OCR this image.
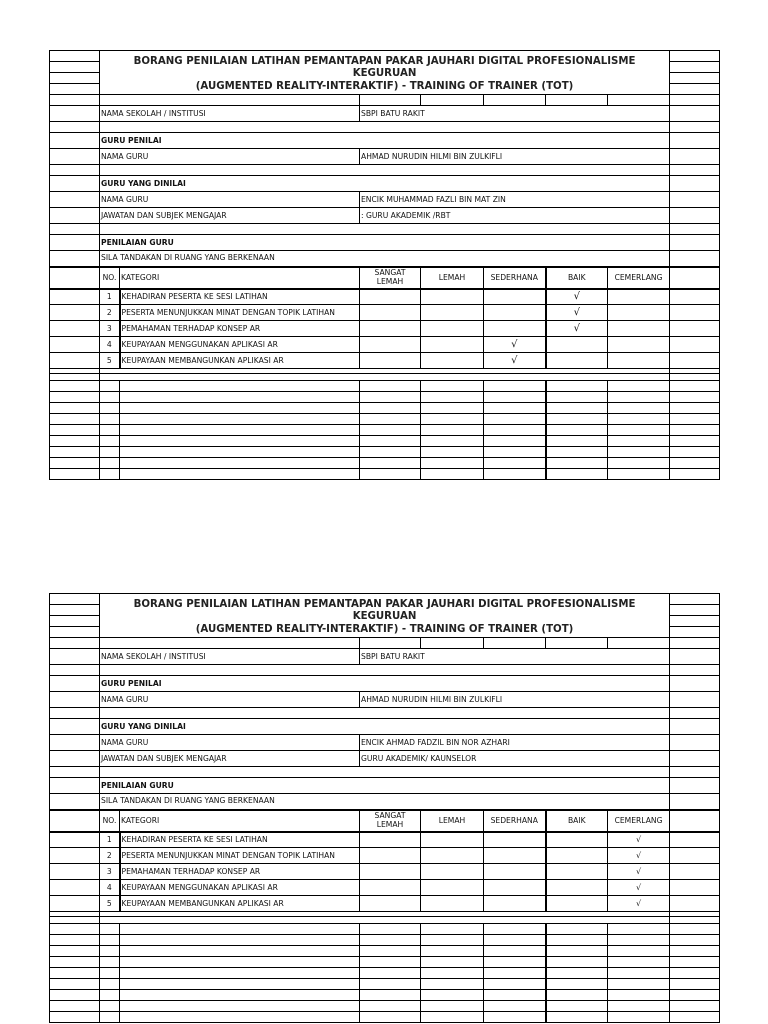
	BORANG PENILAIAN LATIHAN PEMANTAPAN PAKAR JAUHARI DIGITAL PROFESIONALISME KEGURUAN
(AUGMENTED REALITY-INTERAKTIF) - TRAINING OF TRAINER (TOT)							

	NAMA SEKOLAH / INSTITUSI		SBPI BATU RAKIT					

	GURU PENILAI							
	NAMA GURU		AHMAD NURUDIN HILMI BIN ZULKIFLI					

	GURU YANG DINILAI							
	NAMA GURU		ENCIK MUHAMMAD FAZLI BIN MAT ZIN					
	JAWATAN DAN SUBJEK MENGAJAR		: GURU AKADEMIK /RBT					

	PENILAIAN GURU							
	SILA TANDAKAN DI RUANG YANG BERKENAAN							
	NO.	KATEGORI	SANGAT
LEMAH	LEMAH	SEDERHANA	BAIK	CEMERLANG	
	1	KEHADIRAN PESERTA KE SESI LATIHAN				√		
	2	PESERTA MENUNJUKKAN MINAT DENGAN TOPIK LATIHAN				√		
	3	PEMAHAMAN TERHADAP KONSEP AR				√		
	4	KEUPAYAAN MENGGUNAKAN APLIKASI AR			√			
	5	KEUPAYAAN MEMBANGUNKAN APLIKASI AR			√			

	BORANG PENILAIAN LATIHAN PEMANTAPAN PAKAR JAUHARI DIGITAL PROFESIONALISME KEGURUAN
(AUGMENTED REALITY-INTERAKTIF) - TRAINING OF TRAINER (TOT)							

	NAMA SEKOLAH / INSTITUSI		SBPI BATU RAKIT					

	GURU PENILAI							
	NAMA GURU		AHMAD NURUDIN HILMI BIN ZULKIFLI					

	GURU YANG DINILAI							
	NAMA GURU		ENCIK AHMAD FADZIL BIN NOR AZHARI					
	JAWATAN DAN SUBJEK MENGAJAR		GURU AKADEMIK/ KAUNSELOR					

	PENILAIAN GURU							
	SILA TANDAKAN DI RUANG YANG BERKENAAN							
	NO.	KATEGORI	SANGAT
LEMAH	LEMAH	SEDERHANA	BAIK	CEMERLANG	
	1	KEHADIRAN PESERTA KE SESI LATIHAN					√	
	2	PESERTA MENUNJUKKAN MINAT DENGAN TOPIK LATIHAN					√	
	3	PEMAHAMAN TERHADAP KONSEP AR					√	
	4	KEUPAYAAN MENGGUNAKAN APLIKASI AR					√	
	5	KEUPAYAAN MEMBANGUNKAN APLIKASI AR					√	
